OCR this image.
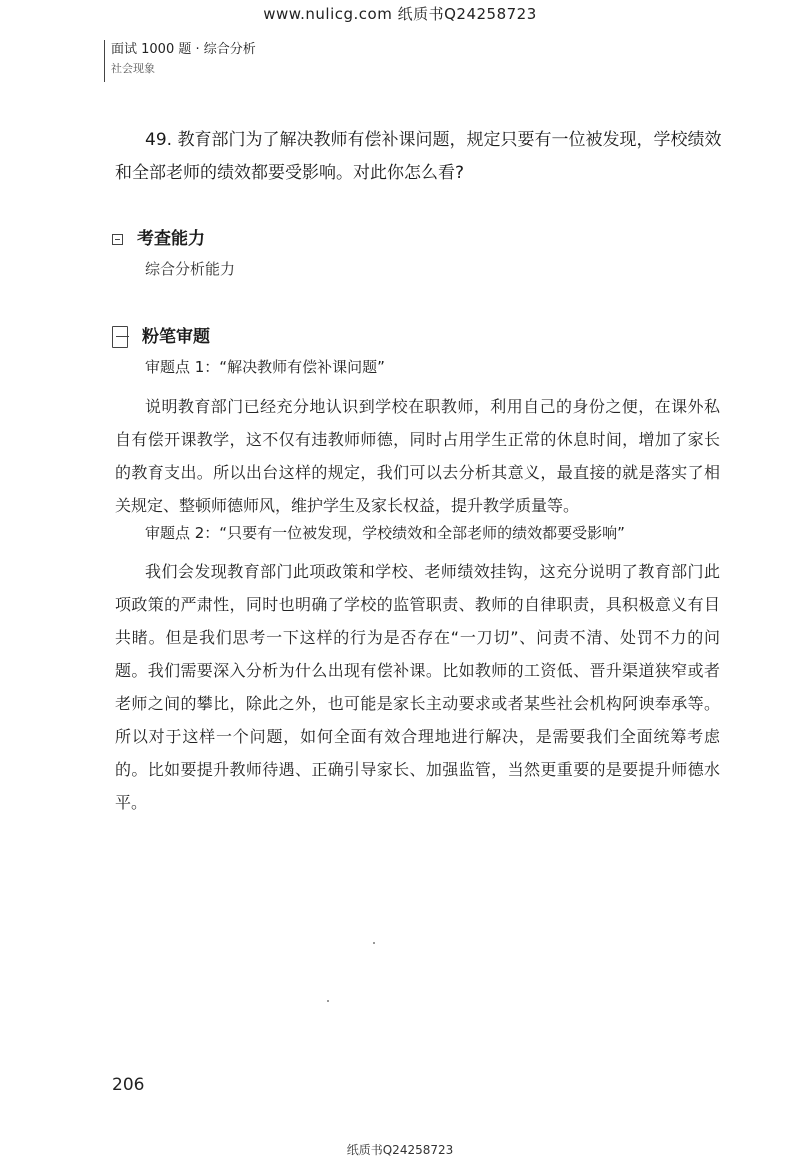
www.nulicg.com 纸质书Q24258723
面试 1000 题 · 综合分析
社会现象
49. 教育部门为了解决教师有偿补课问题，规定只要有一位被发现，学校绩效和全部老师的绩效都要受影响。对此你怎么看?
考查能力
综合分析能力
粉笔审题
审题点 1：“解决教师有偿补课问题”
说明教育部门已经充分地认识到学校在职教师，利用自己的身份之便，在课外私自有偿开课教学，这不仅有违教师师德，同时占用学生正常的休息时间，增加了家长的教育支出。所以出台这样的规定，我们可以去分析其意义，最直接的就是落实了相关规定、整顿师德师风，维护学生及家长权益，提升教学质量等。
审题点 2：“只要有一位被发现，学校绩效和全部老师的绩效都要受影响”
我们会发现教育部门此项政策和学校、老师绩效挂钩，这充分说明了教育部门此项政策的严肃性，同时也明确了学校的监管职责、教师的自律职责，具积极意义有目共睹。但是我们思考一下这样的行为是否存在“一刀切”、问责不清、处罚不力的问题。我们需要深入分析为什么出现有偿补课。比如教师的工资低、晋升渠道狭窄或者老师之间的攀比，除此之外，也可能是家长主动要求或者某些社会机构阿谀奉承等。所以对于这样一个问题，如何全面有效合理地进行解决，是需要我们全面统筹考虑的。比如要提升教师待遇、正确引导家长、加强监管，当然更重要的是要提升师德水平。
206
纸质书Q24258723
